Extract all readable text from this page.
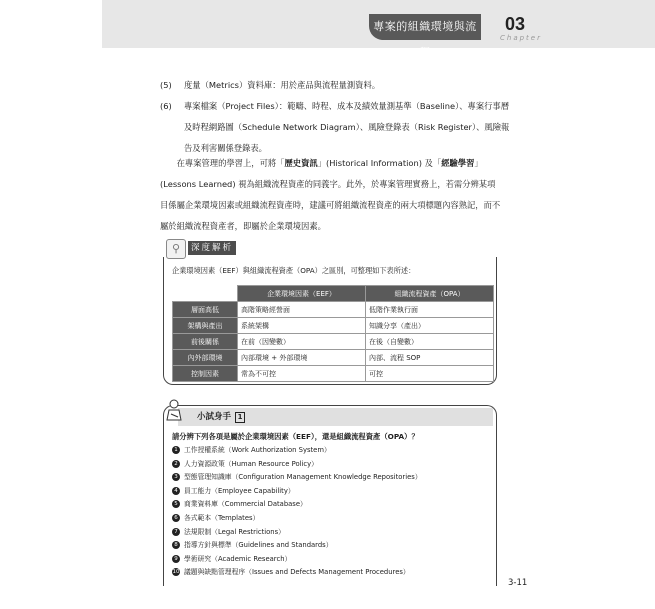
專案的組織環境與流程
03
Chapter
(5) 度量（Metrics）資料庫：用於產品與流程量測資料。
(6) 專案檔案（Project Files）：範疇、時程、成本及績效量測基準（Baseline）、專案行事曆及時程網路圖（Schedule Network Diagram）、風險登錄表（Risk Register）、風險報告及利害關係登錄表。
  在專案管理的學習上，可將「歷史資訊」(Historical Information) 及「經驗學習」(Lessons Learned) 視為組織流程資產的同義字。此外，於專案管理實務上，若需分辨某項目係屬企業環境因素或組織流程資產時，建議可將組織流程資產的兩大項標題內容熟記，而不屬於組織流程資產者，即屬於企業環境因素。
⚲	深度解析
企業環境因素（EEF）與組織流程資產（OPA）之區別，可整理如下表所述：
	企業環境因素（EEF）	組織流程資產（OPA）
層面高低	高階策略經營面	低階作業執行面
架構與產出	系統架構	知識分享（產出）
前後關係	在前（因變數）	在後（自變數）
內外部環境	內部環境 + 外部環境	內部、流程 SOP
控制因素	常為不可控	可控
小試身手 1
請分辨下列各項是屬於企業環境因素（EEF），還是組織流程資產（OPA）？
1 工作授權系統（Work Authorization System）
2 人力資源政策（Human Resource Policy）
3 型態管理知識庫（Configuration Management Knowledge Repositories）
4 員工能力（Employee Capability）
5 商業資料庫（Commercial Database）
6 各式範本（Templates）
7 法規限制（Legal Restrictions）
8 指導方針與標準（Guidelines and Standards）
9 學術研究（Academic Research）
10 議題與缺點管理程序（Issues and Defects Management Procedures）
3-11
